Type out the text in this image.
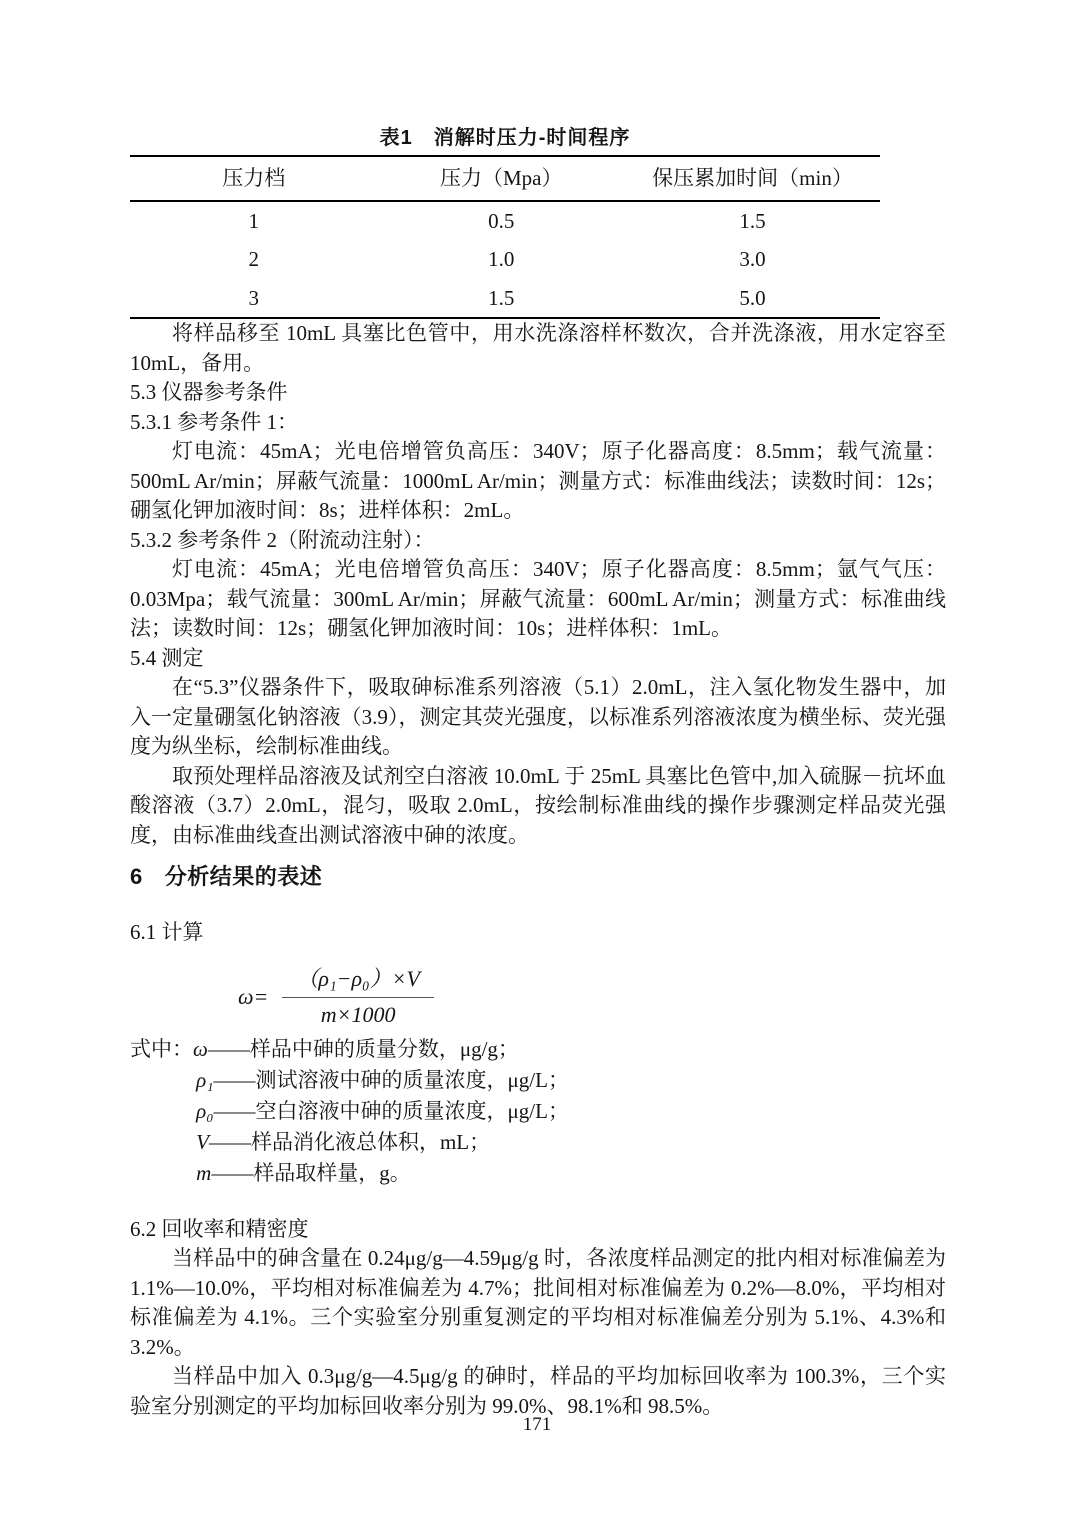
表1　消解时压力-时间程序
压力档	压力（Mpa）	保压累加时间（min）
1	0.5	1.5
2	1.0	3.0
3	1.5	5.0

将样品移至 10mL 具塞比色管中，用水洗涤溶样杯数次，合并洗涤液，用水定容至 10mL，备用。

5.3 仪器参考条件

5.3.1 参考条件 1：

灯电流：45mA；光电倍增管负高压：340V；原子化器高度：8.5mm；载气流量：500mL Ar/min；屏蔽气流量：1000mL Ar/min；测量方式：标准曲线法；读数时间：12s；硼氢化钾加液时间：8s；进样体积：2mL。

5.3.2 参考条件 2（附流动注射）：

灯电流：45mA；光电倍增管负高压：340V；原子化器高度：8.5mm；氩气气压：0.03Mpa；载气流量：300mL Ar/min；屏蔽气流量：600mL Ar/min；测量方式：标准曲线法；读数时间：12s；硼氢化钾加液时间：10s；进样体积：1mL。

5.4 测定

在“5.3”仪器条件下，吸取砷标准系列溶液（5.1）2.0mL，注入氢化物发生器中，加入一定量硼氢化钠溶液（3.9），测定其荧光强度，以标准系列溶液浓度为横坐标、荧光强度为纵坐标，绘制标准曲线。

取预处理样品溶液及试剂空白溶液 10.0mL 于 25mL 具塞比色管中,加入硫脲－抗坏血酸溶液（3.7）2.0mL，混匀，吸取 2.0mL，按绘制标准曲线的操作步骤测定样品荧光强度，由标准曲线查出测试溶液中砷的浓度。

6 分析结果的表述

6.1 计算

$\omega= \frac{\text{（ρ₁−ρ₀）×V}}{m\times 1000}$
式中：ω——样品中砷的质量分数，μg/g；
ρ₁——测试溶液中砷的质量浓度，μg/L；
ρ₀——空白溶液中砷的质量浓度，μg/L；
V——样品消化液总体积，mL；
m——样品取样量，g。

6.2 回收率和精密度

当样品中的砷含量在 0.24μg/g—4.59μg/g 时，各浓度样品测定的批内相对标准偏差为 1.1%—10.0%，平均相对标准偏差为 4.7%；批间相对标准偏差为 0.2%—8.0%，平均相对标准偏差为 4.1%。三个实验室分别重复测定的平均相对标准偏差分别为 5.1%、4.3%和 3.2%。

当样品中加入 0.3μg/g—4.5μg/g 的砷时，样品的平均加标回收率为 100.3%，三个实验室分别测定的平均加标回收率分别为 99.0%、98.1%和 98.5%。

171
